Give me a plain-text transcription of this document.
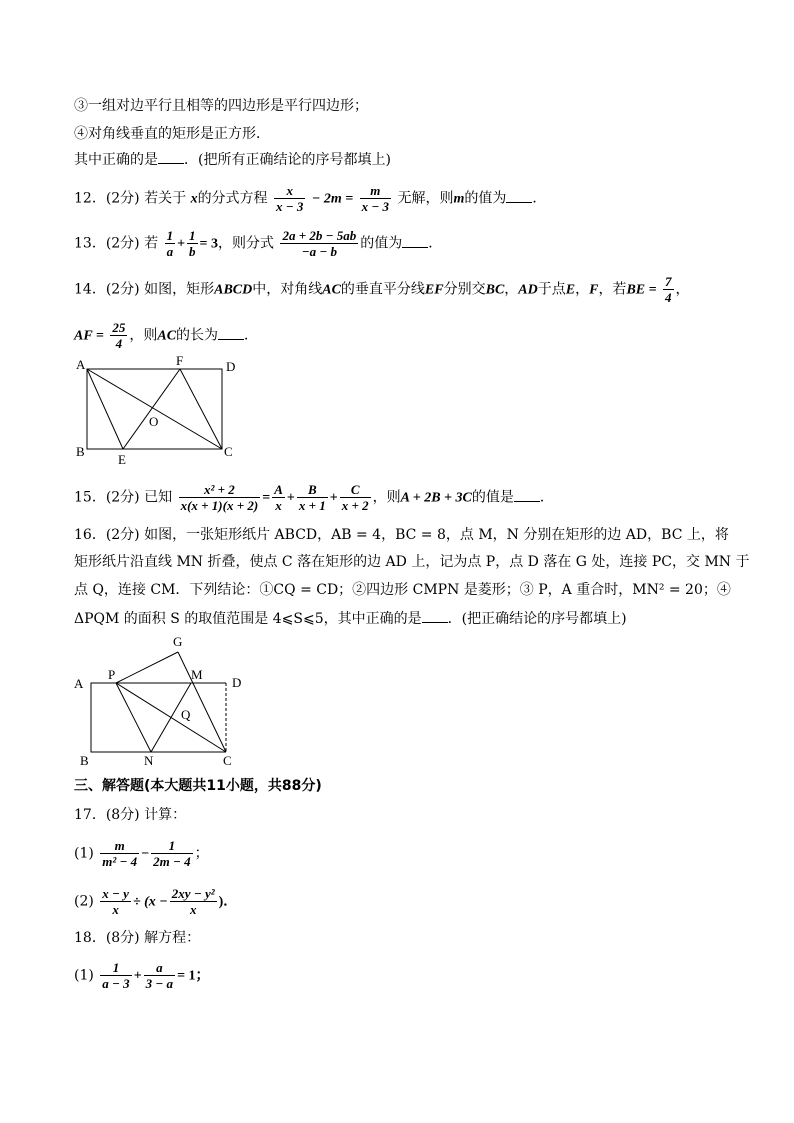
③一组对边平行且相等的四边形是平行四边形；
④对角线垂直的矩形是正方形．
其中正确的是 ．(把所有正确结论的序号都填上)
12．(2分) 若关于 x的分式方程 $\frac{x}{x - 3} - 2m = \frac{m}{x - 3}$ 无解，则m的值为 ．
13．(2分) 若 $\frac{1}{a} + \frac{1}{b} = 3$，则分式 $\frac{2a + 2b - 5ab}{-a - b}$ 的值为 ．
14．(2分) 如图，矩形ABCD中，对角线AC的垂直平分线EF分别交BC，AD于点E，F，若BE = $\frac{7}{4}$ ，
AF = $\frac{25}{4}$ ，则AC的长为 ．
A	D
B	C
E
F
O
15．(2分) 已知 $\frac{\text{x² + 2}}{x(x + 1)(x + 2)} = \frac{A}{x} + \frac{B}{x + 1} + \frac{C}{x + 2}$ ，则A + 2B + 3C的值是 ．
16．(2分) 如图，一张矩形纸片 ABCD，AB = 4，BC = 8，点 M，N 分别在矩形的边 AD，BC 上，将
矩形纸片沿直线 MN 折叠，使点 C 落在矩形的边 AD 上，记为点 P，点 D 落在 G 处，连接 PC，交 MN 于
点 Q，连接 CM．下列结论：①CQ = CD；②四边形 CMPN 是菱形；③ P，A 重合时，MN² = 20；④
ΔPQM 的面积 S 的取值范围是 4⩽S⩽5，其中正确的是 ．(把正确结论的序号都填上)
A
P	M
D
G
Q
B	N	C
三、解答题(本大题共11小题，共88分)
17．(8分) 计算：
$(1) \frac{m}{\text{m² − 4}} - \frac{1}{2m - 4}$ ；
$(2) \frac{x - y}{x} \div (x - \frac{\text{2xy − y²}}{x}$ )．
18．(8分) 解方程：
$(1) \frac{1}{a - 3} + \frac{a}{3 - a} = 1$；
